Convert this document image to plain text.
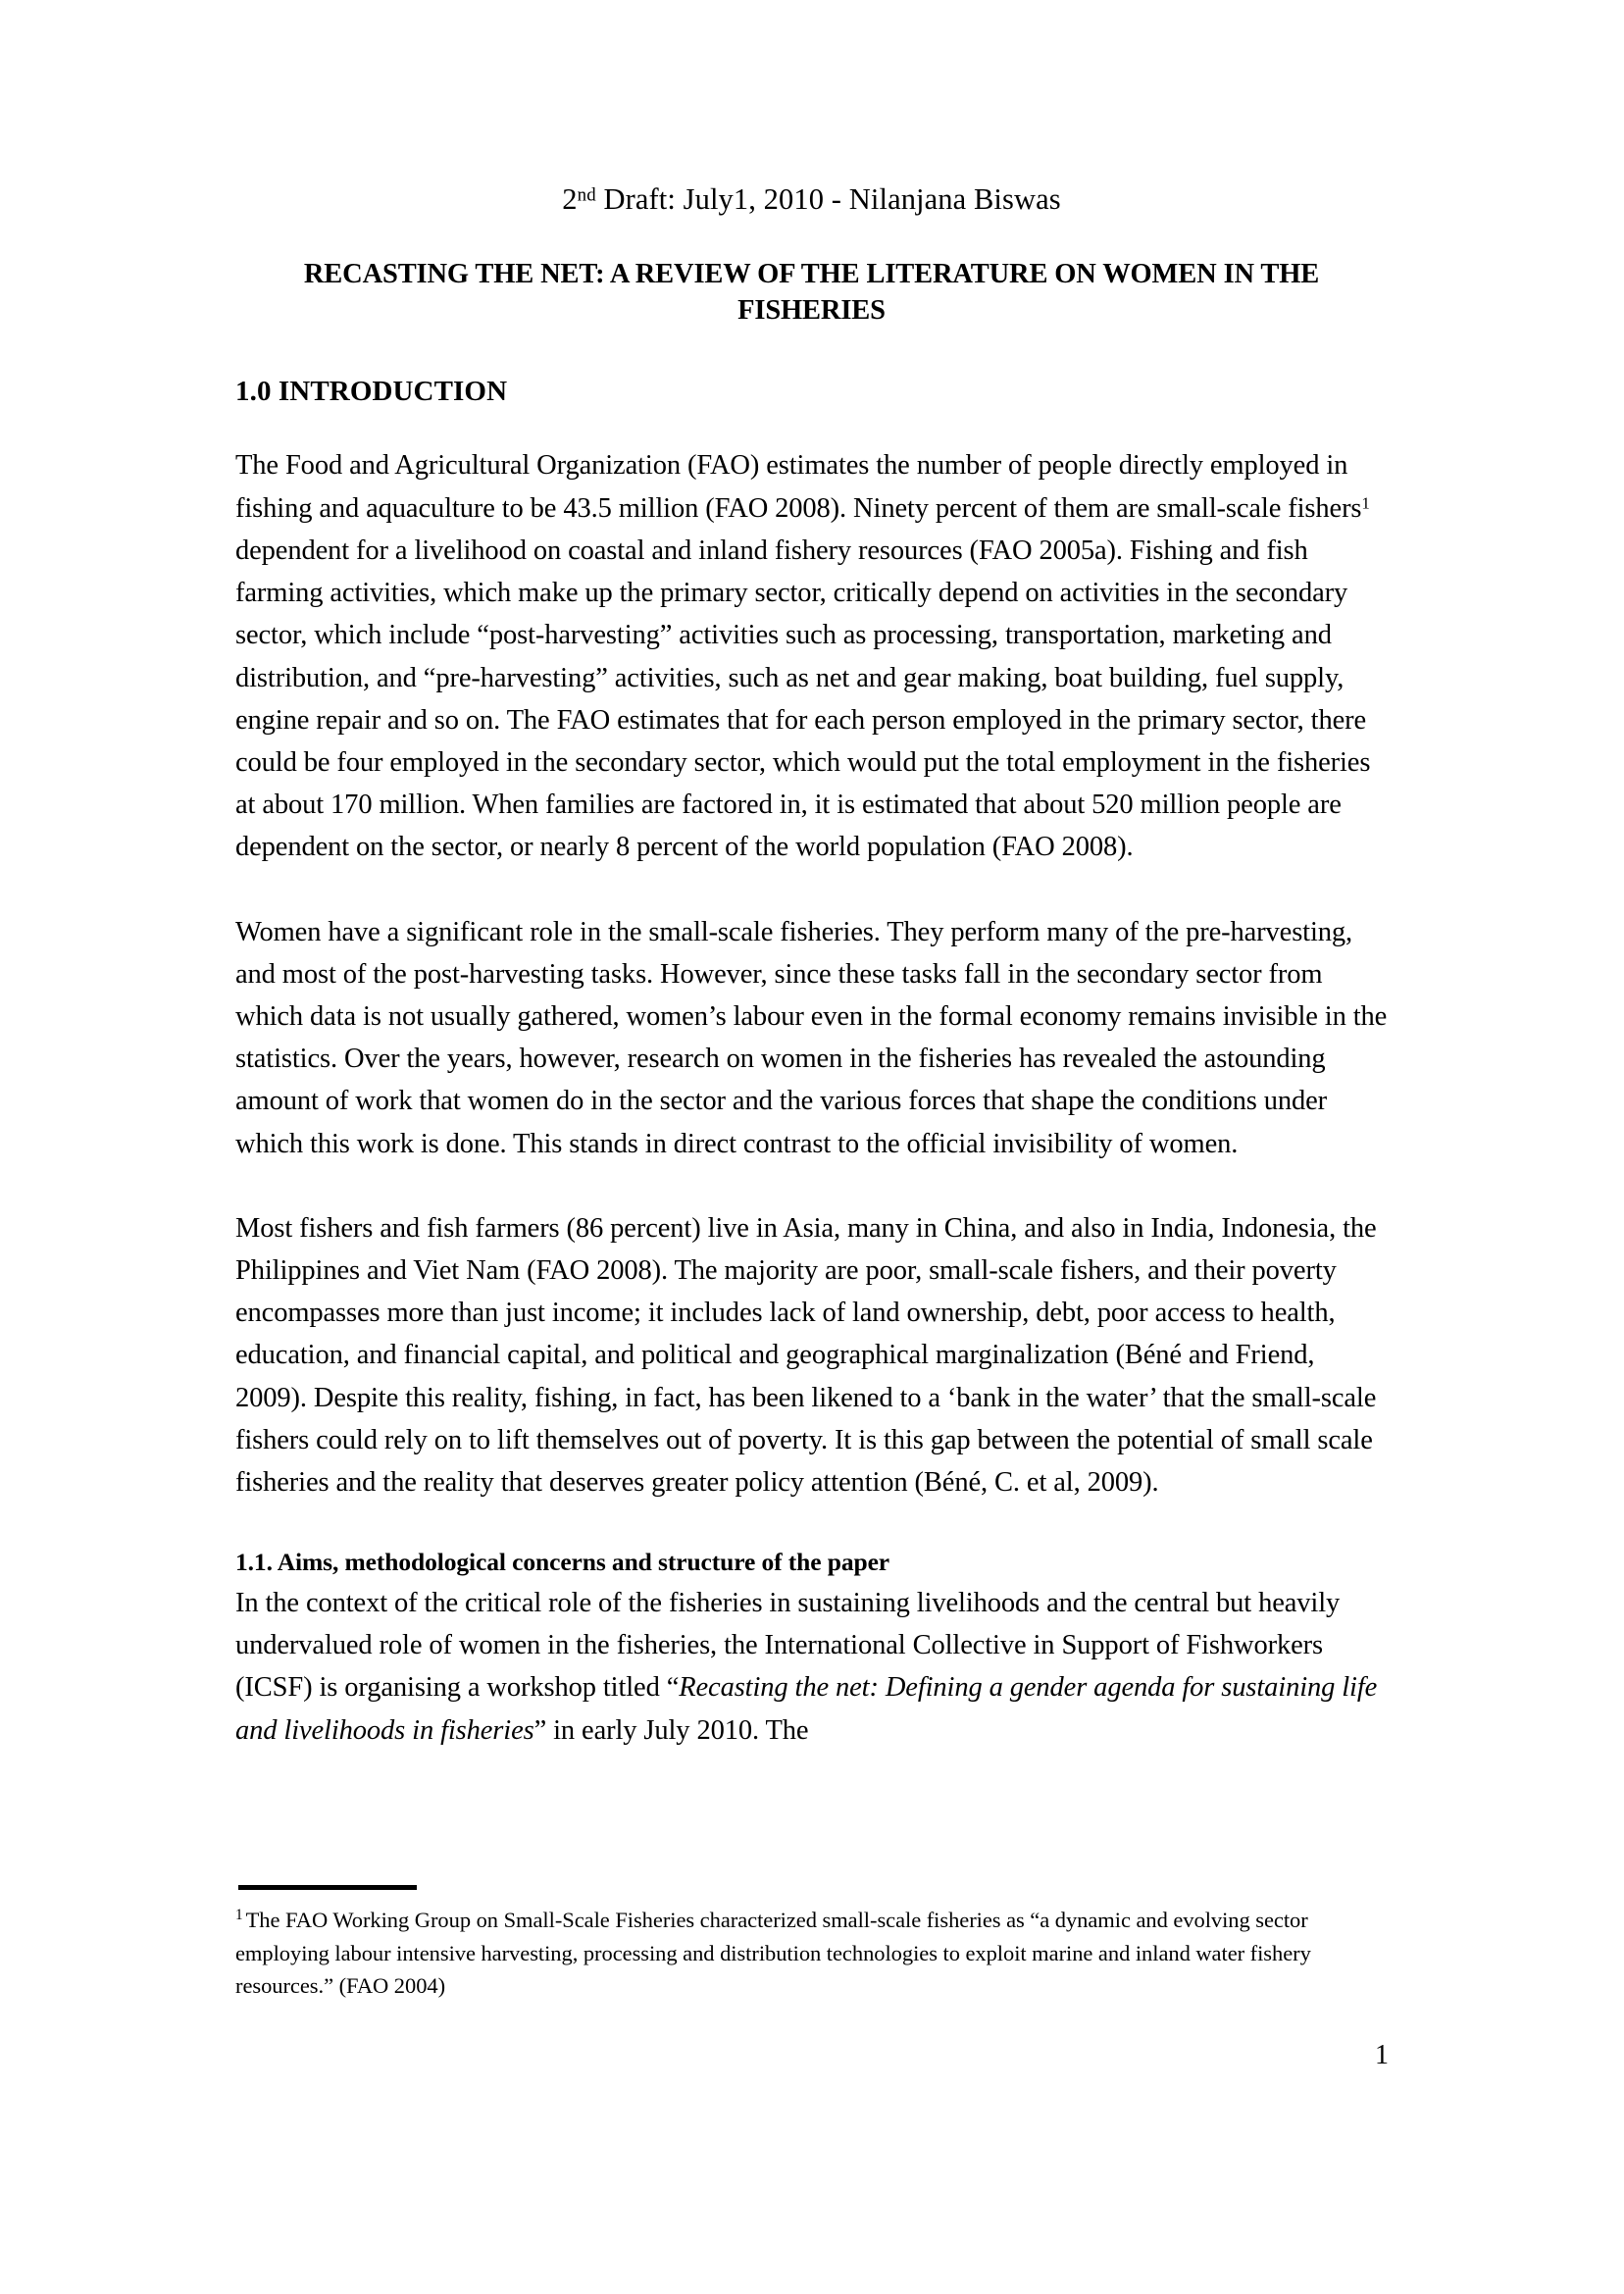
2nd Draft: July1, 2010 - Nilanjana Biswas
RECASTING THE NET: A REVIEW OF THE LITERATURE ON WOMEN IN THE FISHERIES
1.0 INTRODUCTION

The Food and Agricultural Organization (FAO) estimates the number of people directly employed in fishing and aquaculture to be 43.5 million (FAO 2008). Ninety percent of them are small-scale fishers$^1$ dependent for a livelihood on coastal and inland fishery resources (FAO 2005a). Fishing and fish farming activities, which make up the primary sector, critically depend on activities in the secondary sector, which include “post-harvesting” activities such as processing, transportation, marketing and distribution, and “pre-harvesting” activities, such as net and gear making, boat building, fuel supply, engine repair and so on. The FAO estimates that for each person employed in the primary sector, there could be four employed in the secondary sector, which would put the total employment in the fisheries at about 170 million. When families are factored in, it is estimated that about 520 million people are dependent on the sector, or nearly 8 percent of the world population (FAO 2008).

Women have a significant role in the small-scale fisheries. They perform many of the pre-harvesting, and most of the post-harvesting tasks. However, since these tasks fall in the secondary sector from which data is not usually gathered, women’s labour even in the formal economy remains invisible in the statistics. Over the years, however, research on women in the fisheries has revealed the astounding amount of work that women do in the sector and the various forces that shape the conditions under which this work is done. This stands in direct contrast to the official invisibility of women.

Most fishers and fish farmers (86 percent) live in Asia, many in China, and also in India, Indonesia, the Philippines and Viet Nam (FAO 2008). The majority are poor, small-scale fishers, and their poverty encompasses more than just income; it includes lack of land ownership, debt, poor access to health, education, and financial capital, and political and geographical marginalization (Béné and Friend, 2009). Despite this reality, fishing, in fact, has been likened to a ‘bank in the water’ that the small-scale fishers could rely on to lift themselves out of poverty. It is this gap between the potential of small scale fisheries and the reality that deserves greater policy attention (Béné, C. et al, 2009).

1.1. Aims, methodological concerns and structure of the paper

In the context of the critical role of the fisheries in sustaining livelihoods and the central but heavily undervalued role of women in the fisheries, the International Collective in Support of Fishworkers (ICSF) is organising a workshop titled “Recasting the net: Defining a gender agenda for sustaining life and livelihoods in fisheries” in early July 2010. The

$^1$ The FAO Working Group on Small-Scale Fisheries characterized small-scale fisheries as “a dynamic and evolving sector employing labour intensive harvesting, processing and distribution technologies to exploit marine and inland water fishery resources.” (FAO 2004)

1
